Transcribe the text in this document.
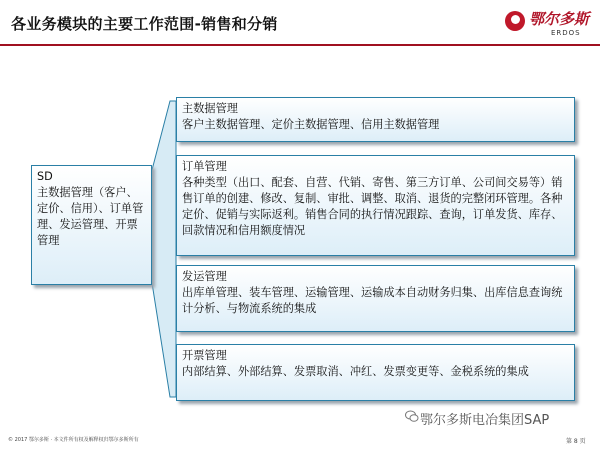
各业务模块的主要工作范围-销售和分销	鄂尔多斯
ERDOS
SD
主数据管理（客户、定价、信用）、订单管理、发运管理、开票管理
主数据管理
客户主数据管理、定价主数据管理、信用主数据管理
订单管理
各种类型（出口、配套、自营、代销、寄售、第三方订单、公司间交易等）销售订单的创建、修改、复制、审批、调整、取消、退货的完整闭环管理。各种定价、促销与实际返利。销售合同的执行情况跟踪、查询，订单发货、库存、回款情况和信用额度情况
发运管理
出库单管理、装车管理、运输管理、运输成本自动财务归集、出库信息查询统计分析、与物流系统的集成
开票管理
内部结算、外部结算、发票取消、冲红、发票变更等、金税系统的集成
鄂尔多斯电冶集团SAP
© 2017 鄂尔多斯 · 本文件所有权及解释权归鄂尔多斯所有	第 8 页
